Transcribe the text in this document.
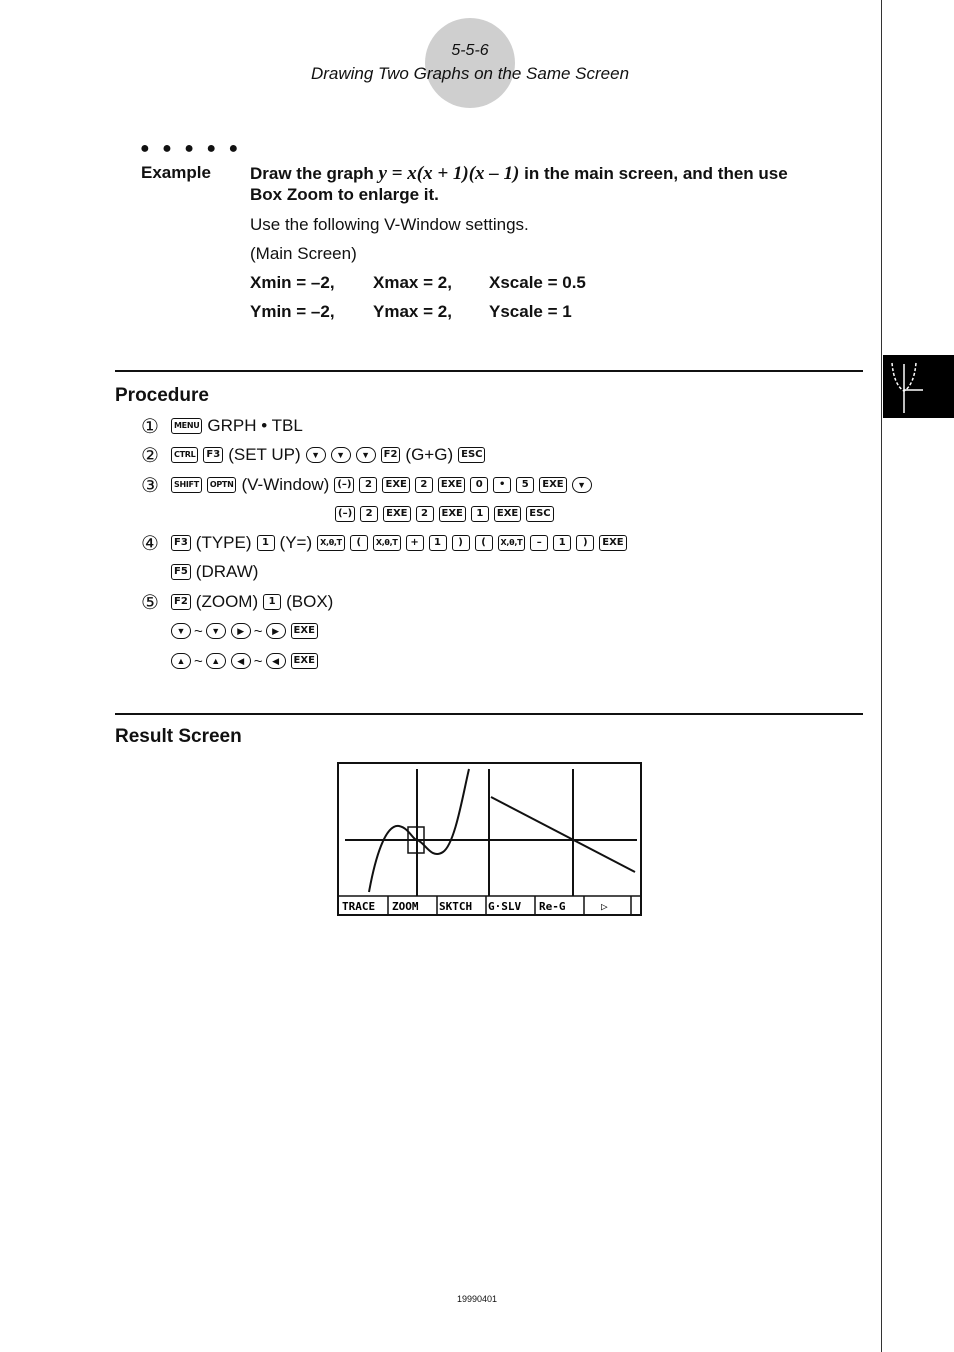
5-5-6
Drawing Two Graphs on the Same Screen
● ● ● ● ●
Example Draw the graph y = x(x + 1)(x – 1) in the main screen, and then use
Box Zoom to enlarge it.
Use the following V-Window settings.
(Main Screen)
Xmin = –2, Xmax = 2, Xscale = 0.5
Ymin = –2, Ymax = 2, Yscale = 1
Procedure
①	MENU GRPH • TBL
②	CTRL	F3 (SET UP)	▼	▼	▼	F2 (G+G) ESC
③	SHIFT	OPTN (V-Window) (–)	2	EXE	2	EXE	0	•	5	EXE	▼
(–)	2	EXE	2	EXE	1	EXE	ESC
④	F3 (TYPE)	1 (Y=)	X,θ,T	(	X,θ,T	+	1	)	(	X,θ,T	–	1	)	EXE
F5 (DRAW)
⑤	F2 (ZOOM)	1 (BOX)
▼ ~ ▼	▶ ~	▶	EXE
▲ ~ ▲	◀ ~	◀	EXE
Result Screen
TRACE ZOOM SKTCH G·SLV Re-G	▷
19990401
